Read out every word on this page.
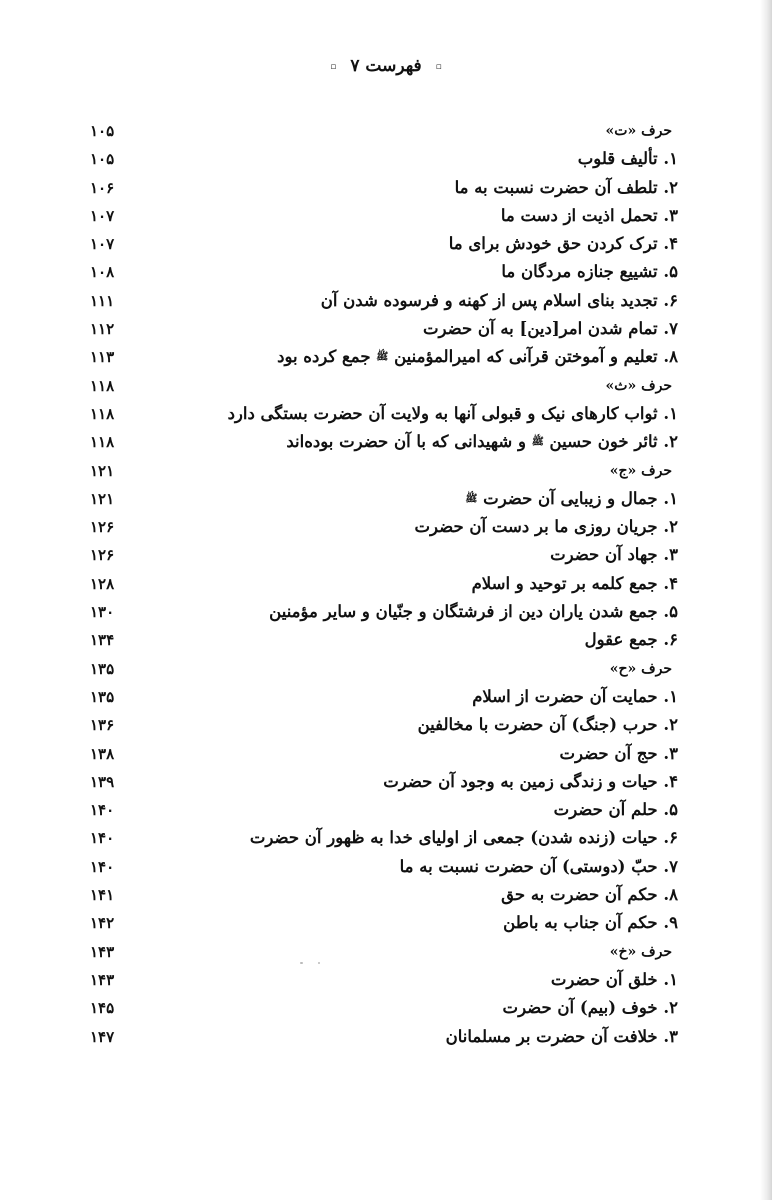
▫ فهرست ۷ ▫
حرف «ت»
۱۰۵
۱. تألیف قلوب
۱۰۵
۲. تلطف آن حضرت نسبت به ما
۱۰۶
۳. تحمل اذیت از دست ما
۱۰۷
۴. ترک کردن حق خودش برای ما
۱۰۷
۵. تشییع جنازه مردگان ما
۱۰۸
۶. تجدید بنای اسلام پس از کهنه و فرسوده شدن آن
۱۱۱
۷. تمام شدن امر[دین] به آن حضرت
۱۱۲
۸. تعلیم و آموختن قرآنی که امیرالمؤمنین ﷺ جمع کرده بود
۱۱۳
حرف «ث»
۱۱۸
۱. ثواب کارهای نیک و قبولی آنها به ولایت آن حضرت بستگی دارد
۱۱۸
۲. ثائر خون حسین ﷺ و شهیدانی که با آن حضرت بوده‌اند
۱۱۸
حرف «ج»
۱۲۱
۱. جمال و زیبایی آن حضرت ﷺ
۱۲۱
۲. جریان روزی ما بر دست آن حضرت
۱۲۶
۳. جهاد آن حضرت
۱۲۶
۴. جمع کلمه بر توحید و اسلام
۱۲۸
۵. جمع شدن یاران دین از فرشتگان و جنّیان و سایر مؤمنین
۱۳۰
۶. جمع عقول
۱۳۴
حرف «ح»
۱۳۵
۱. حمایت آن حضرت از اسلام
۱۳۵
۲. حرب (جنگ) آن حضرت با مخالفین
۱۳۶
۳. حج آن حضرت
۱۳۸
۴. حیات و زندگی زمین به وجود آن حضرت
۱۳۹
۵. حلم آن حضرت
۱۴۰
۶. حیات (زنده شدن) جمعی از اولیای خدا به ظهور آن حضرت
۱۴۰
۷. حبّ (دوستی) آن حضرت نسبت به ما
۱۴۰
۸. حکم آن حضرت به حق
۱۴۱
۹. حکم آن جناب به باطن
۱۴۲
حرف «خ»
۱۴۳
۱. خلق آن حضرت
۱۴۳
۲. خوف (بیم) آن حضرت
۱۴۵
۳. خلافت آن حضرت بر مسلمانان
۱۴۷
